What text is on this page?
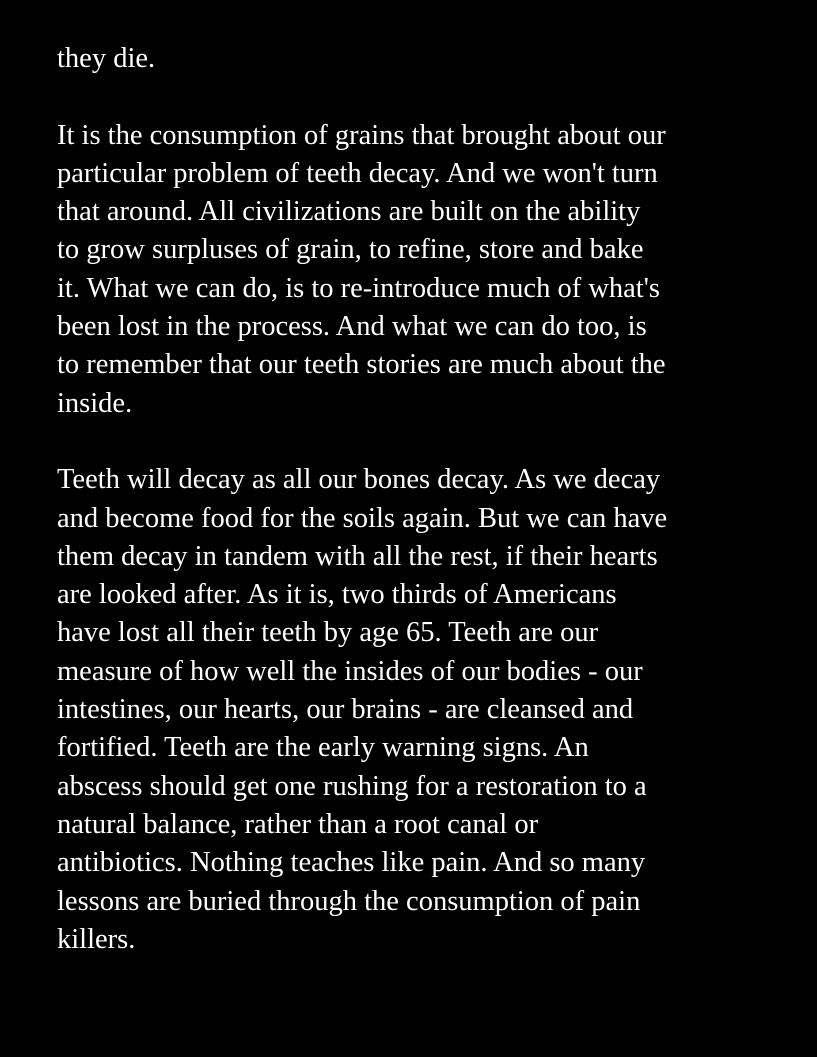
they die.
It is the consumption of grains that brought about our
particular problem of teeth decay. And we won't turn
that around. All civilizations are built on the ability
to grow surpluses of grain, to refine, store and bake
it. What we can do, is to re-introduce much of what's
been lost in the process. And what we can do too, is
to remember that our teeth stories are much about the
inside.
Teeth will decay as all our bones decay. As we decay
and become food for the soils again. But we can have
them decay in tandem with all the rest, if their hearts
are looked after. As it is, two thirds of Americans
have lost all their teeth by age 65. Teeth are our
measure of how well the insides of our bodies - our
intestines, our hearts, our brains - are cleansed and
fortified. Teeth are the early warning signs. An
abscess should get one rushing for a restoration to a
natural balance, rather than a root canal or
antibiotics. Nothing teaches like pain. And so many
lessons are buried through the consumption of pain
killers.
